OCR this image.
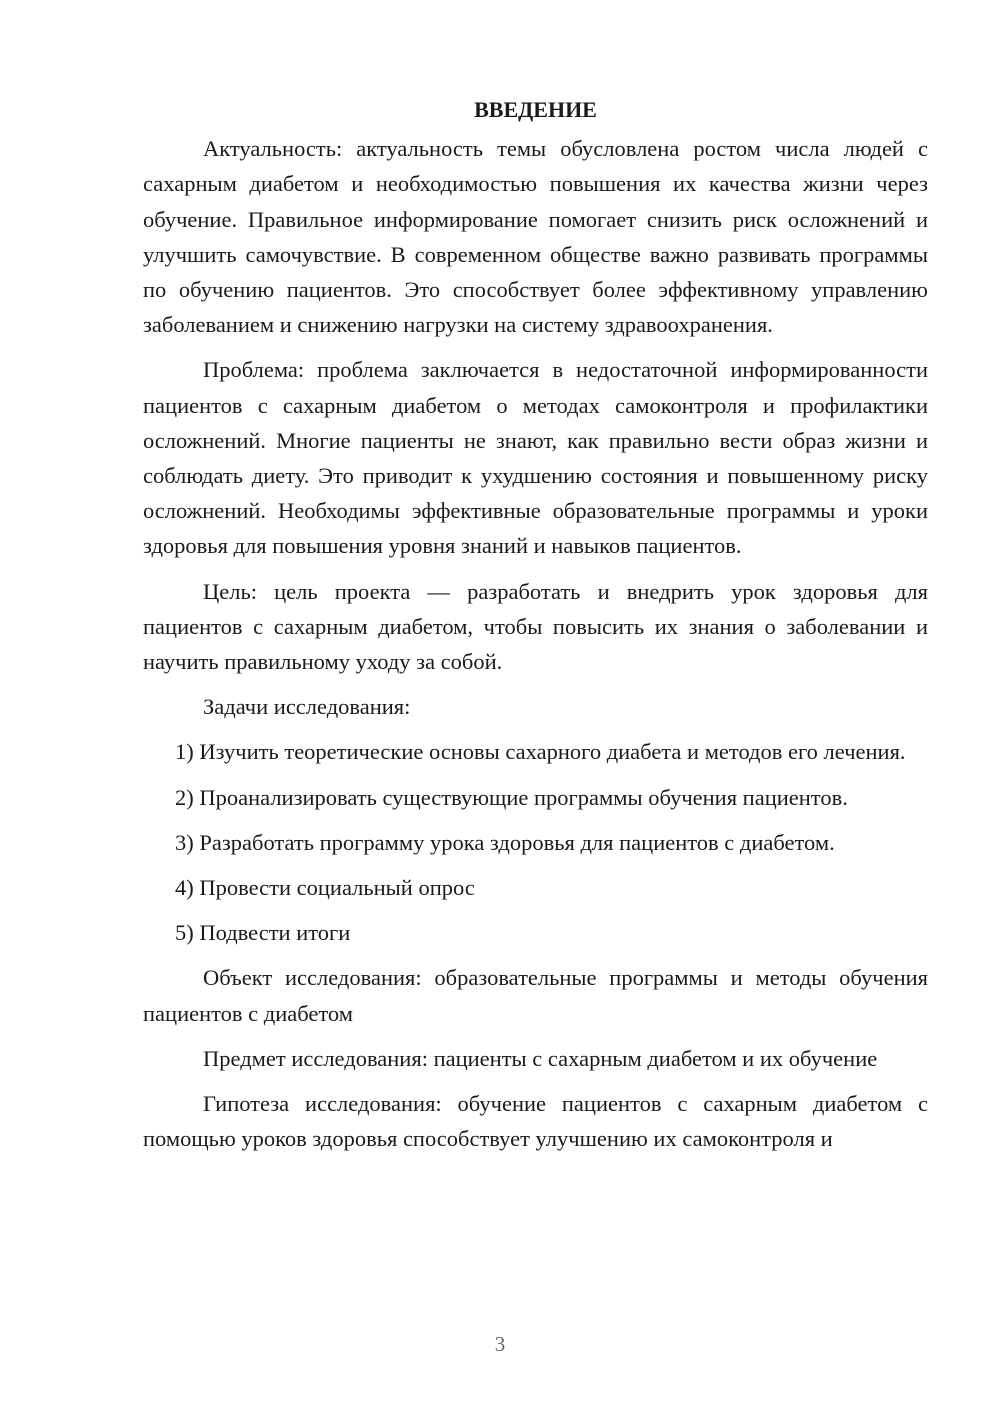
ВВЕДЕНИЕ

Актуальность: актуальность темы обусловлена ростом числа людей с сахарным диабетом и необходимостью повышения их качества жизни через обучение. Правильное информирование помогает снизить риск осложнений и улучшить самочувствие. В современном обществе важно развивать программы по обучению пациентов. Это способствует более эффективному управлению заболеванием и снижению нагрузки на систему здравоохранения.

Проблема: проблема заключается в недостаточной информированности пациентов с сахарным диабетом о методах самоконтроля и профилактики осложнений. Многие пациенты не знают, как правильно вести образ жизни и соблюдать диету. Это приводит к ухудшению состояния и повышенному риску осложнений. Необходимы эффективные образовательные программы и уроки здоровья для повышения уровня знаний и навыков пациентов.

Цель: цель проекта — разработать и внедрить урок здоровья для пациентов с сахарным диабетом, чтобы повысить их знания о заболевании и научить правильному уходу за собой.

Задачи исследования:

1) Изучить теоретические основы сахарного диабета и методов его лечения.

2) Проанализировать существующие программы обучения пациентов.

3) Разработать программу урока здоровья для пациентов с диабетом.

4) Провести социальный опрос

5) Подвести итоги

Объект исследования: образовательные программы и методы обучения пациентов с диабетом

Предмет исследования: пациенты с сахарным диабетом и их обучение

Гипотеза исследования: обучение пациентов с сахарным диабетом с помощью уроков здоровья способствует улучшению их самоконтроля и

3
